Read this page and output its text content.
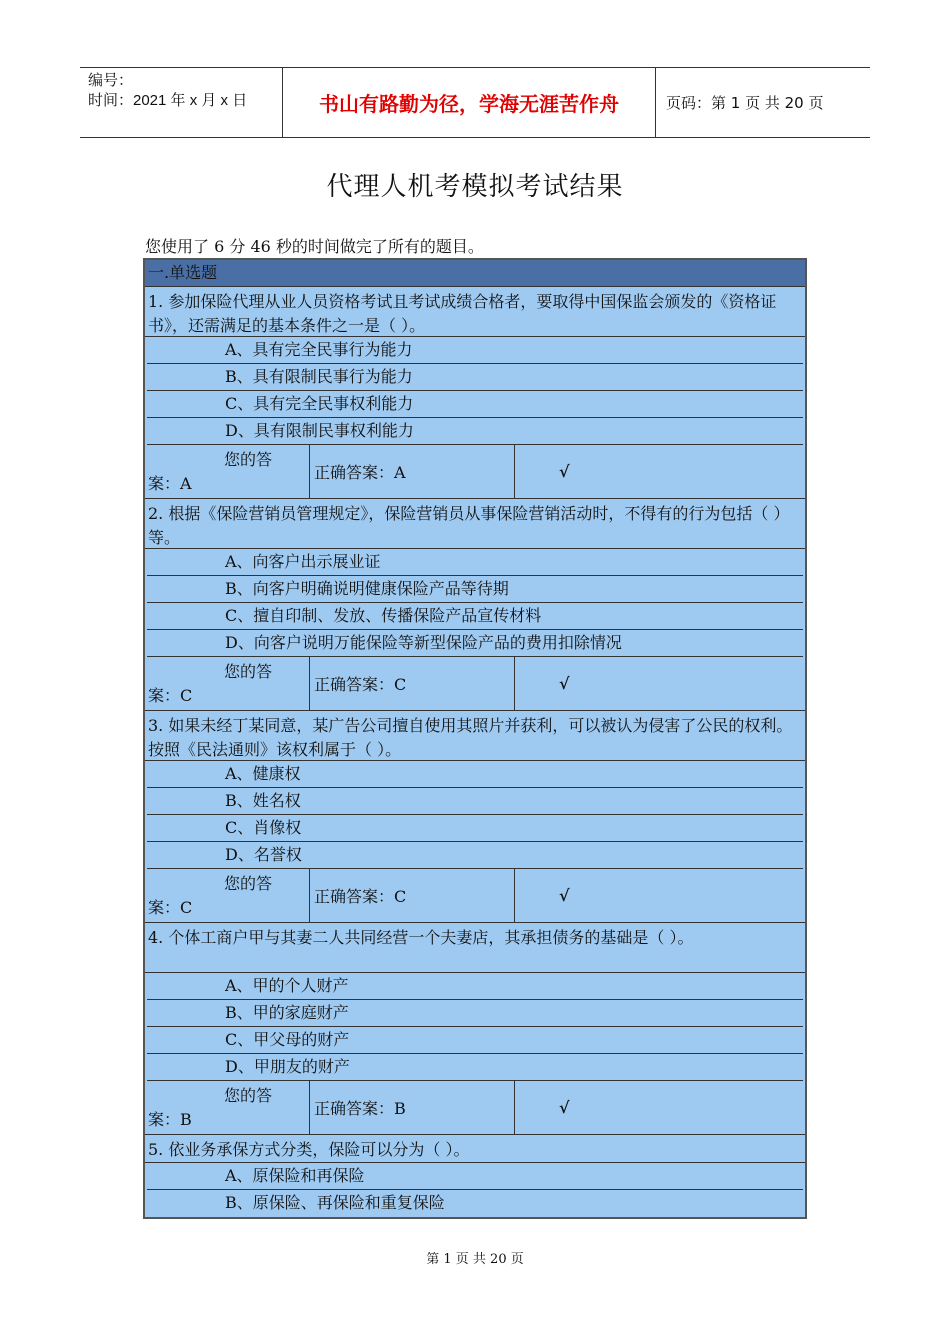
编号：
时间：2021 年 x 月 x 日	书山有路勤为径，学海无涯苦作舟	页码：第 1 页 共 20 页
代理人机考模拟考试结果
您使用了 6 分 46 秒的时间做完了所有的题目。
一.单选题
1. 参加保险代理从业人员资格考试且考试成绩合格者，要取得中国保监会颁发的《资格证书》，还需满足的基本条件之一是（ ）。
A、具有完全民事行为能力
B、具有限制民事行为能力
C、具有完全民事权利能力
D、具有限制民事权利能力
您的答
案：A
正确答案：A	√
2. 根据《保险营销员管理规定》，保险营销员从事保险营销活动时，不得有的行为包括（ ）等。
A、向客户出示展业证
B、向客户明确说明健康保险产品等待期
C、擅自印制、发放、传播保险产品宣传材料
D、向客户说明万能保险等新型保险产品的费用扣除情况
您的答
案：C
正确答案：C	√
3. 如果未经丁某同意，某广告公司擅自使用其照片并获利，可以被认为侵害了公民的权利。按照《民法通则》该权利属于（ ）。
A、健康权
B、姓名权
C、肖像权
D、名誉权
您的答
案：C
正确答案：C	√
4. 个体工商户甲与其妻二人共同经营一个夫妻店，其承担债务的基础是（ ）。
A、甲的个人财产
B、甲的家庭财产
C、甲父母的财产
D、甲朋友的财产
您的答
案：B
正确答案：B	√
5. 依业务承保方式分类，保险可以分为（ ）。
A、原保险和再保险
B、原保险、再保险和重复保险
第 1 页 共 20 页
